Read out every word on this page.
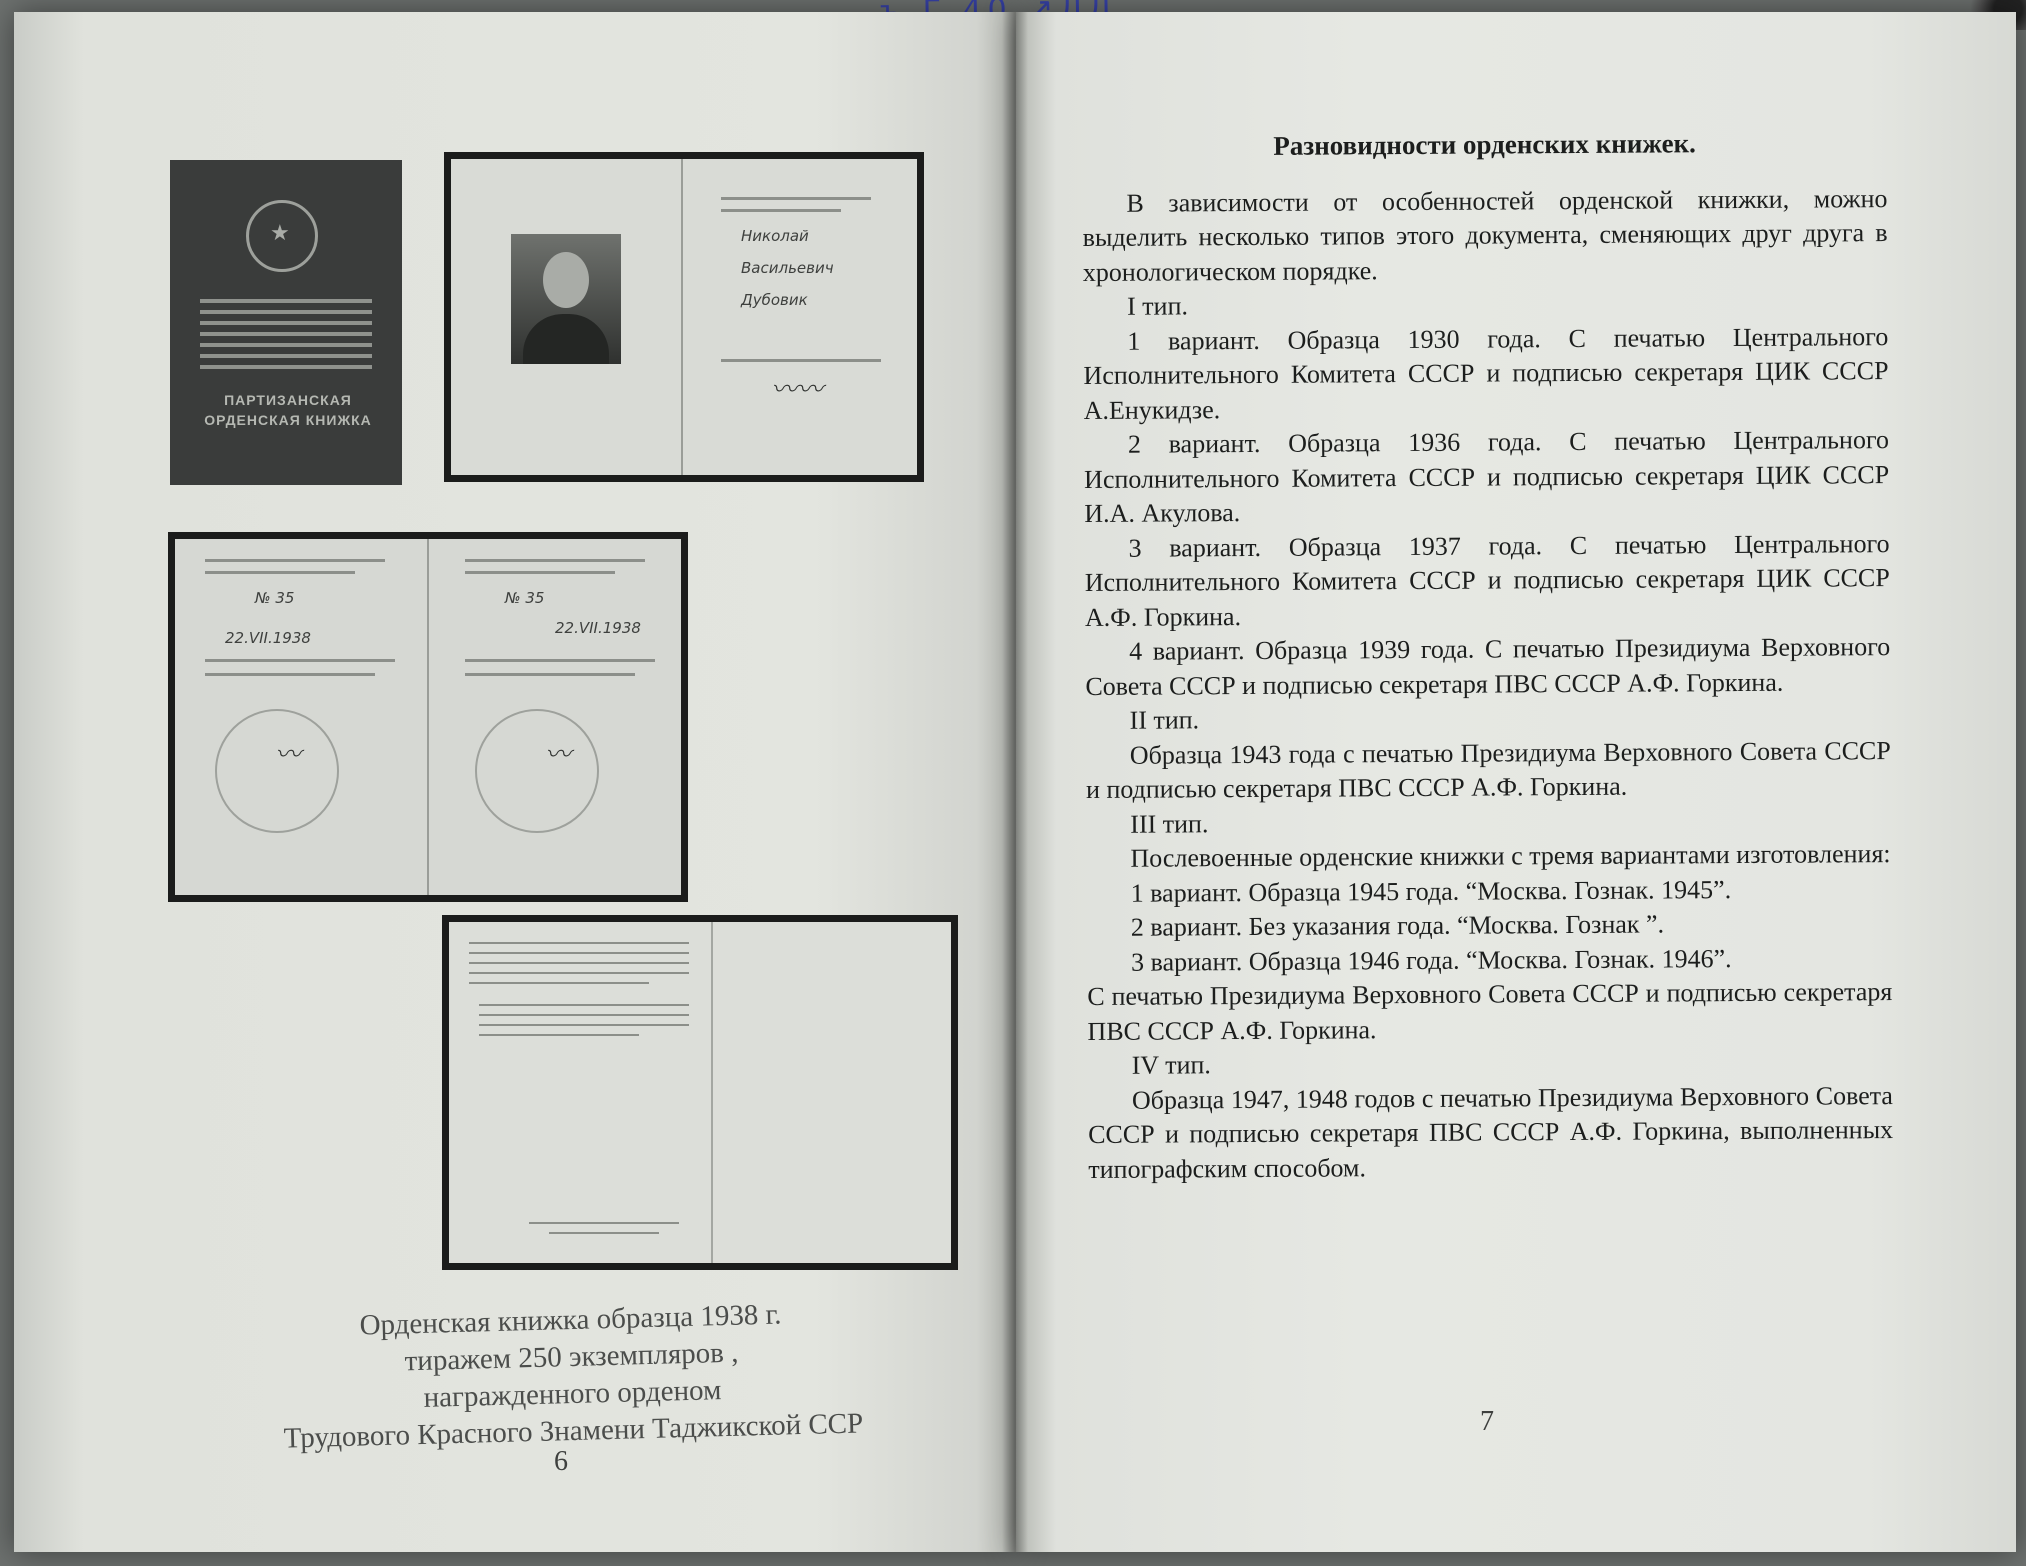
★
ПАРТИЗАНСКАЯ ОРДЕНСКАЯ КНИЖКА
Николай
Васильевич
Дубовик
〰︎〰︎
№ 35
22.VII.1938
〰︎
№ 35
22.VII.1938
〰︎
Орденская книжка образца 1938 г.
тиражем 250 экземпляров ,
награжденного орденом
Трудового Красного Знамени Таджикской ССР
6
7
Разновидности орденских книжек.

В зависимости от особенностей орденской книжки, можно выделить несколько типов этого документа, сменяющих друг друга в хронологическом порядке.

I тип.

1 вариант. Образца 1930 года. С печатью Центрального Исполнительного Комитета СССР и подписью секретаря ЦИК СССР А.Енукидзе.

2 вариант. Образца 1936 года. С печатью Центрального Исполнительного Комитета СССР и подписью секретаря ЦИК СССР И.А. Акулова.

3 вариант. Образца 1937 года. С печатью Центрального Исполнительного Комитета СССР и подписью секретаря ЦИК СССР А.Ф. Горкина.

4 вариант. Образца 1939 года. С печатью Президиума Верховного Совета СССР и подписью секретаря ПВС СССР А.Ф. Горкина.

II тип.

Образца 1943 года с печатью Президиума Верховного Совета СССР и подписью секретаря ПВС СССР А.Ф. Горкина.

III тип.

Послевоенные орденские книжки с тремя вариантами изготовления:

1 вариант. Образца 1945 года. “Москва. Гознак. 1945”.

2 вариант. Без указания года. “Москва. Гознак ”.

3 вариант. Образца 1946 года. “Москва. Гознак. 1946”.

С печатью Президиума Верховного Совета СССР и подписью секретаря ПВС СССР А.Ф. Горкина.

IV тип.

Образца 1947, 1948 годов с печатью Президиума Верховного Совета СССР и подписью секретаря ПВС СССР А.Ф. Горкина, выполненных типографским способом.
